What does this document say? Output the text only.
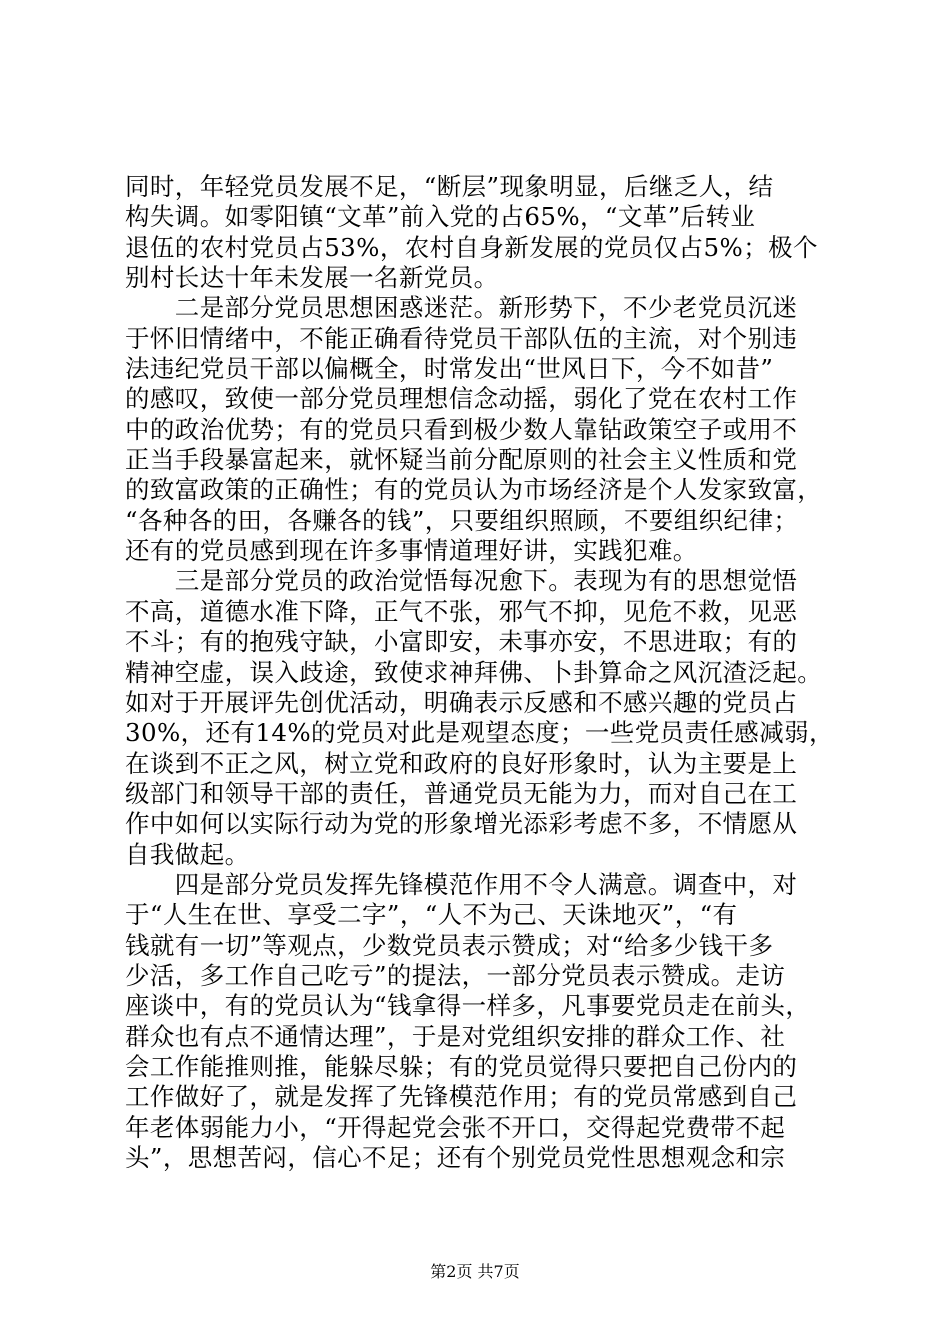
同时，年轻党员发展不足，“断层”现象明显，后继乏人，结
构失调。如零阳镇“文革”前入党的占65%，“文革”后转业
退伍的农村党员占53%，农村自身新发展的党员仅占5%；极个
别村长达十年未发展一名新党员。
　　二是部分党员思想困惑迷茫。新形势下，不少老党员沉迷
于怀旧情绪中，不能正确看待党员干部队伍的主流，对个别违
法违纪党员干部以偏概全，时常发出“世风日下，今不如昔”
的感叹，致使一部分党员理想信念动摇，弱化了党在农村工作
中的政治优势；有的党员只看到极少数人靠钻政策空子或用不
正当手段暴富起来，就怀疑当前分配原则的社会主义性质和党
的致富政策的正确性；有的党员认为市场经济是个人发家致富，
“各种各的田，各赚各的钱”，只要组织照顾，不要组织纪律；
还有的党员感到现在许多事情道理好讲，实践犯难。
　　三是部分党员的政治觉悟每况愈下。表现为有的思想觉悟
不高，道德水准下降，正气不张，邪气不抑，见危不救，见恶
不斗；有的抱残守缺，小富即安，未事亦安，不思进取；有的
精神空虚，误入歧途，致使求神拜佛、卜卦算命之风沉渣泛起。
如对于开展评先创优活动，明确表示反感和不感兴趣的党员占
30%，还有14%的党员对此是观望态度；一些党员责任感减弱，
在谈到不正之风，树立党和政府的良好形象时，认为主要是上
级部门和领导干部的责任，普通党员无能为力，而对自己在工
作中如何以实际行动为党的形象增光添彩考虑不多，不情愿从
自我做起。
　　四是部分党员发挥先锋模范作用不令人满意。调查中，对
于“人生在世、享受二字”，“人不为己、天诛地灭”，“有
钱就有一切”等观点，少数党员表示赞成；对“给多少钱干多
少活，多工作自己吃亏”的提法，一部分党员表示赞成。走访
座谈中，有的党员认为“钱拿得一样多，凡事要党员走在前头，
群众也有点不通情达理”，于是对党组织安排的群众工作、社
会工作能推则推，能躲尽躲；有的党员觉得只要把自己份内的
工作做好了，就是发挥了先锋模范作用；有的党员常感到自己
年老体弱能力小，“开得起党会张不开口，交得起党费带不起
头”，思想苦闷，信心不足；还有个别党员党性思想观念和宗
第2页 共7页
